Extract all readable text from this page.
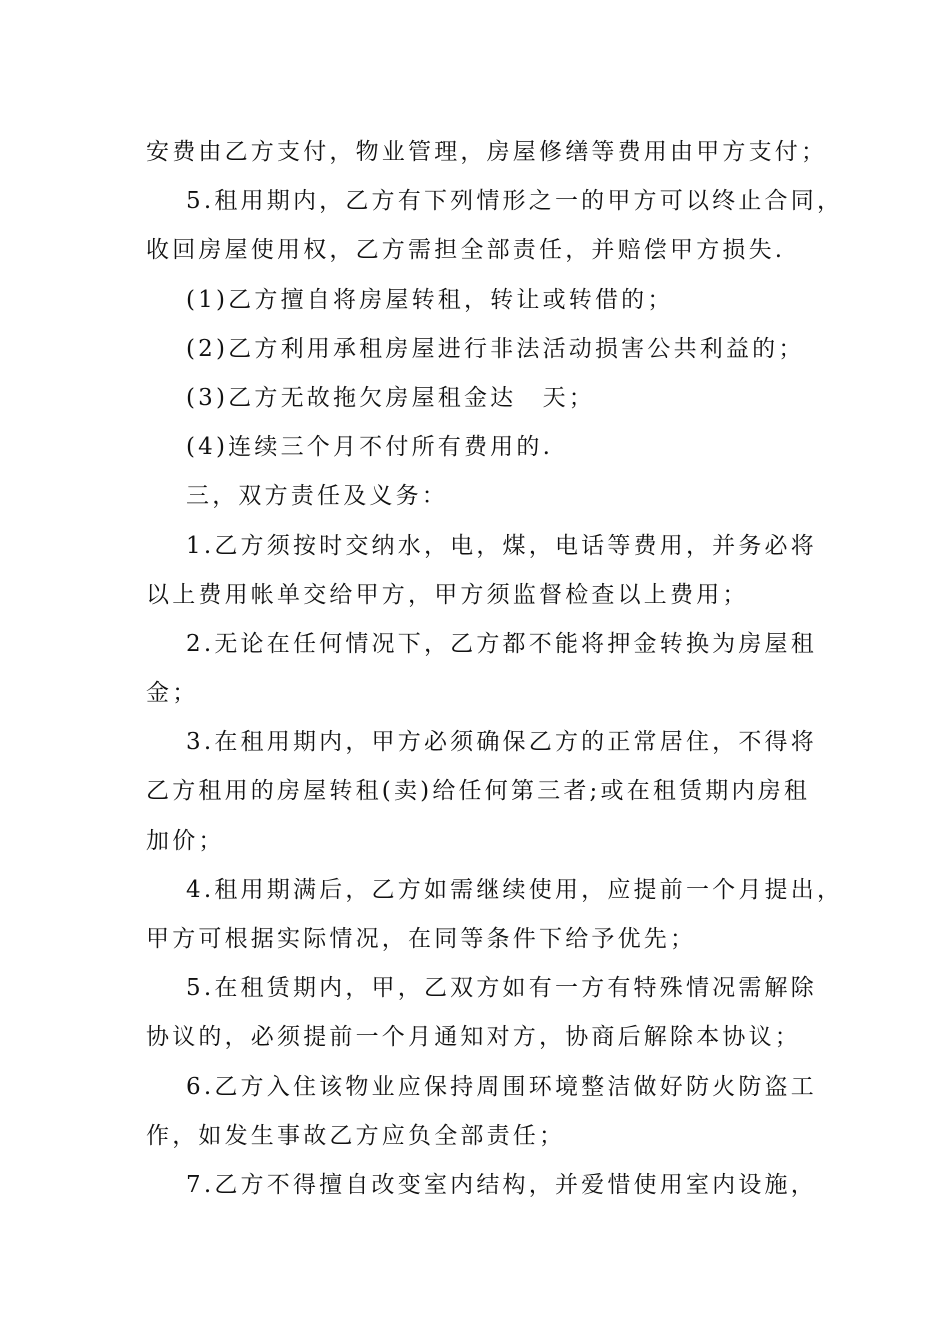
安费由乙方支付，物业管理，房屋修缮等费用由甲方支付；
5.租用期内，乙方有下列情形之一的甲方可以终止合同，
收回房屋使用权，乙方需担全部责任，并赔偿甲方损失.
(1)乙方擅自将房屋转租，转让或转借的；
(2)乙方利用承租房屋进行非法活动损害公共利益的；
(3)乙方无故拖欠房屋租金达　天；
(4)连续三个月不付所有费用的.
三，双方责任及义务：
1.乙方须按时交纳水，电，煤，电话等费用，并务必将
以上费用帐单交给甲方，甲方须监督检查以上费用；
2.无论在任何情况下，乙方都不能将押金转换为房屋租
金；
3.在租用期内，甲方必须确保乙方的正常居住，不得将
乙方租用的房屋转租(卖)给任何第三者;或在租赁期内房租
加价；
4.租用期满后，乙方如需继续使用，应提前一个月提出，
甲方可根据实际情况，在同等条件下给予优先；
5.在租赁期内，甲，乙双方如有一方有特殊情况需解除
协议的，必须提前一个月通知对方，协商后解除本协议；
6.乙方入住该物业应保持周围环境整洁做好防火防盗工
作，如发生事故乙方应负全部责任；
7.乙方不得擅自改变室内结构，并爱惜使用室内设施，
